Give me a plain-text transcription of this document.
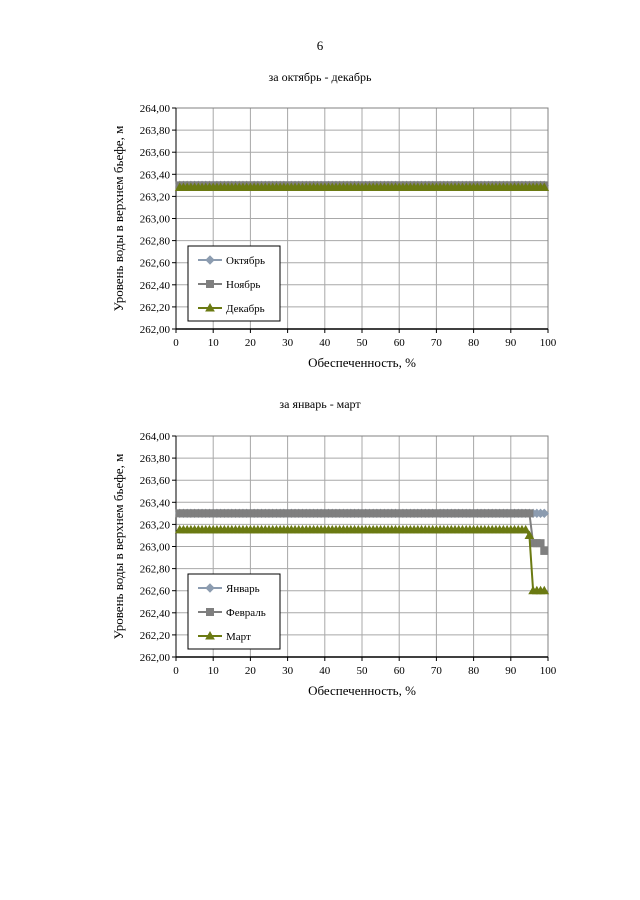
6
за октябрь - декабрь
262,00
262,20
262,40
262,60
262,80
263,00
263,20
263,40
263,60
263,80
264,00
0	10 20 30 40 50 60 70 80 90 100
Обеспеченность, %
Уровень воды в верхнем бьефе, м	Октябрь
Ноябрь
Декабрь
за январь - март
262,00
262,20
262,40
262,60
262,80
263,00
263,20
263,40
263,60
263,80
264,00
0	10 20 30 40 50 60 70 80 90 100
Обеспеченность, %
Уровень воды в верхнем бьефе, м	Январь
Февраль
Март
